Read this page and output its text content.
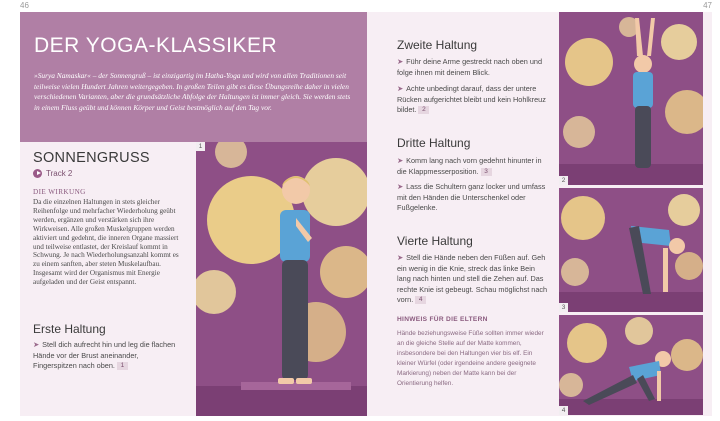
46	47
DER YOGA-KLASSIKER

»Surya Namaskar« – der Sonnengruß – ist einzigartig im Hatha-Yoga und wird von allen Traditionen seit teilweise vielen Hundert Jahren weitergegeben. In großen Teilen gibt es diese Übungsreihe daher in vielen verschiedenen Varianten, aber die grundsätzliche Abfolge der Haltungen ist immer gleich. Sie werden stets in einem Fluss geübt und können Körper und Geist bestmöglich auf den Tag vor.

SONNENGRUSS
Track 2
DIE WIRKUNG

Da die einzelnen Haltungen in stets gleicher Reihenfolge und mehrfacher Wiederholung geübt werden, ergänzen und verstärken sich ihre Wirkweisen. Alle großen Muskelgruppen werden aktiviert und gedehnt, die inneren Organe massiert und teilweise entlastet, der Kreislauf kommt in Schwung. Je nach Wiederholungsanzahl kommt es zu einem sanften, aber steten Muskelaufbau. Insgesamt wird der Organismus mit Energie aufgeladen und der Geist entspannt.

Erste Haltung

➤ Stell dich aufrecht hin und leg die flachen Hände vor der Brust aneinander, Fingerspitzen nach oben. 1

1
Zweite Haltung

➤ Führ deine Arme gestreckt nach oben und folge ihnen mit deinem Blick.

➤ Achte unbedingt darauf, dass der untere Rücken aufgerichtet bleibt und kein Hohlkreuz bildet. 2

Dritte Haltung

➤ Komm lang nach vorn gedehnt hinunter in die Klappmesserposition. 3

➤ Lass die Schultern ganz locker und umfass mit den Händen die Unterschenkel oder Fußgelenke.

Vierte Haltung

➤ Stell die Hände neben den Füßen auf. Geh ein wenig in die Knie, streck das linke Bein lang nach hinten und stell die Zehen auf. Das rechte Knie ist gebeugt. Schau möglichst nach vorn. 4

HINWEIS FÜR DIE ELTERN

Hände beziehungsweise Füße sollten immer wieder an die gleiche Stelle auf der Matte kommen, insbesondere bei den Haltungen vier bis elf. Ein kleiner Würfel (oder irgendeine andere geeignete Markierung) neben der Matte kann bei der Orientierung helfen.

2
3
4
